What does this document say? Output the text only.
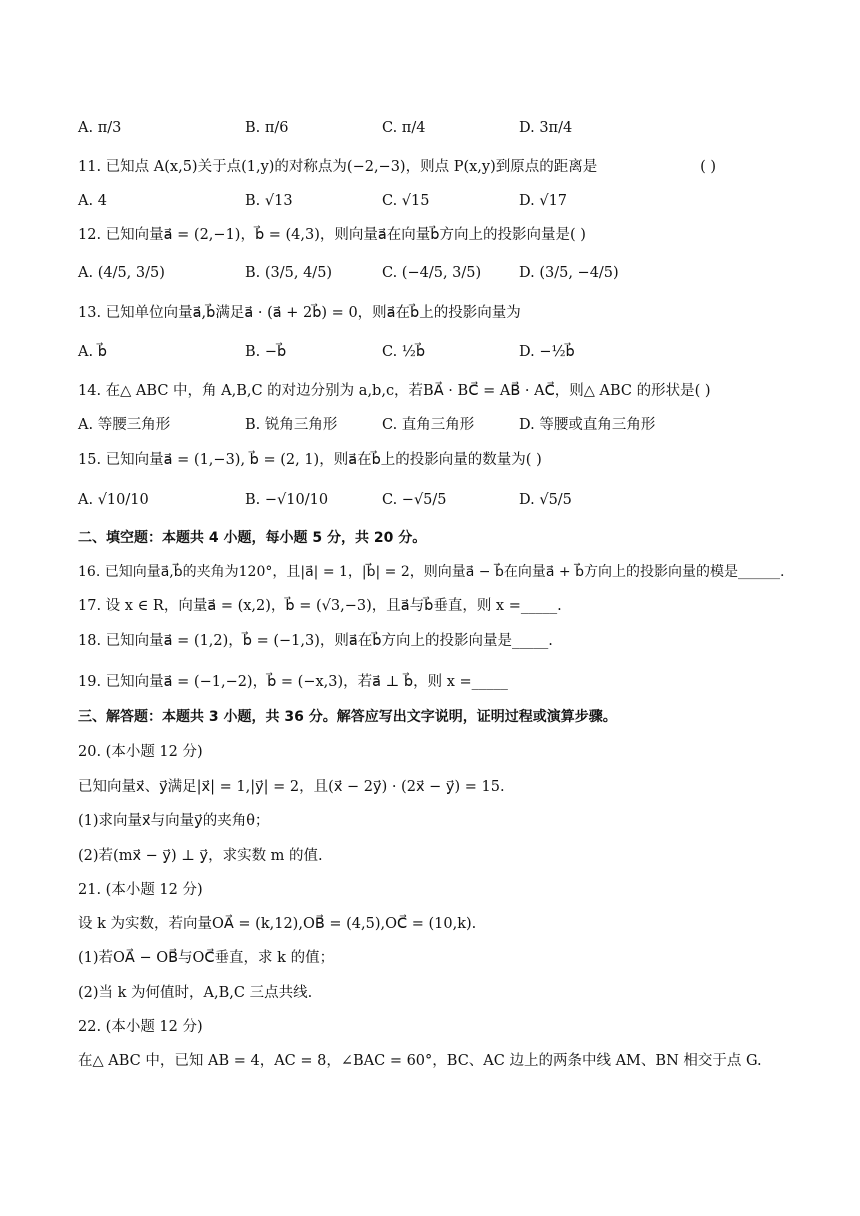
A. π/3	B. π/6	C. π/4	D. 3π/4
11. 已知点 A(x,5)关于点(1,y)的对称点为(−2,−3)，则点 P(x,y)到原点的距离是	( )
A. 4	B. √13	C. √15	D. √17
12. 已知向量a⃗ = (2,−1)，b⃗ = (4,3)，则向量a⃗在向量b⃗方向上的投影向量是( )
A. (4/5, 3/5)	B. (3/5, 4/5)	C. (−4/5, 3/5)	D. (3/5, −4/5)
13. 已知单位向量a⃗,b⃗满足a⃗ · (a⃗ + 2b⃗) = 0，则a⃗在b⃗上的投影向量为
A. b⃗	B. −b⃗	C. ½b⃗	D. −½b⃗
14. 在△ ABC 中，角 A,B,C 的对边分别为 a,b,c，若BA⃗ · BC⃗ = AB⃗ · AC⃗，则△ ABC 的形状是( )
A. 等腰三角形	B. 锐角三角形	C. 直角三角形	D. 等腰或直角三角形
15. 已知向量a⃗ = (1,−3), b⃗ = (2, 1)，则a⃗在b⃗上的投影向量的数量为( )
A. √10/10	B. −√10/10	C. −√5/5	D. √5/5
二、填空题：本题共 4 小题，每小题 5 分，共 20 分。
16. 已知向量a⃗,b⃗的夹角为120°，且|a⃗| = 1，|b⃗| = 2，则向量a⃗ − b⃗在向量a⃗ + b⃗方向上的投影向量的模是______.
17. 设 x ∈ R，向量a⃗ = (x,2)，b⃗ = (√3,−3)，且a⃗与b⃗垂直，则 x =_____.
18. 已知向量a⃗ = (1,2)，b⃗ = (−1,3)，则a⃗在b⃗方向上的投影向量是_____.
19. 已知向量a⃗ = (−1,−2)，b⃗ = (−x,3)，若a⃗ ⊥ b⃗，则 x =_____
三、解答题：本题共 3 小题，共 36 分。解答应写出文字说明，证明过程或演算步骤。
20. (本小题 12 分)
已知向量x⃗、y⃗满足|x⃗| = 1,|y⃗| = 2，且(x⃗ − 2y⃗) · (2x⃗ − y⃗) = 15.
(1)求向量x⃗与向量y⃗的夹角θ；
(2)若(mx⃗ − y⃗) ⊥ y⃗，求实数 m 的值.
21. (本小题 12 分)
设 k 为实数，若向量OA⃗ = (k,12),OB⃗ = (4,5),OC⃗ = (10,k).
(1)若OA⃗ − OB⃗与OC⃗垂直，求 k 的值；
(2)当 k 为何值时，A,B,C 三点共线.
22. (本小题 12 分)
在△ ABC 中，已知 AB = 4，AC = 8，∠BAC = 60°，BC、AC 边上的两条中线 AM、BN 相交于点 G.
